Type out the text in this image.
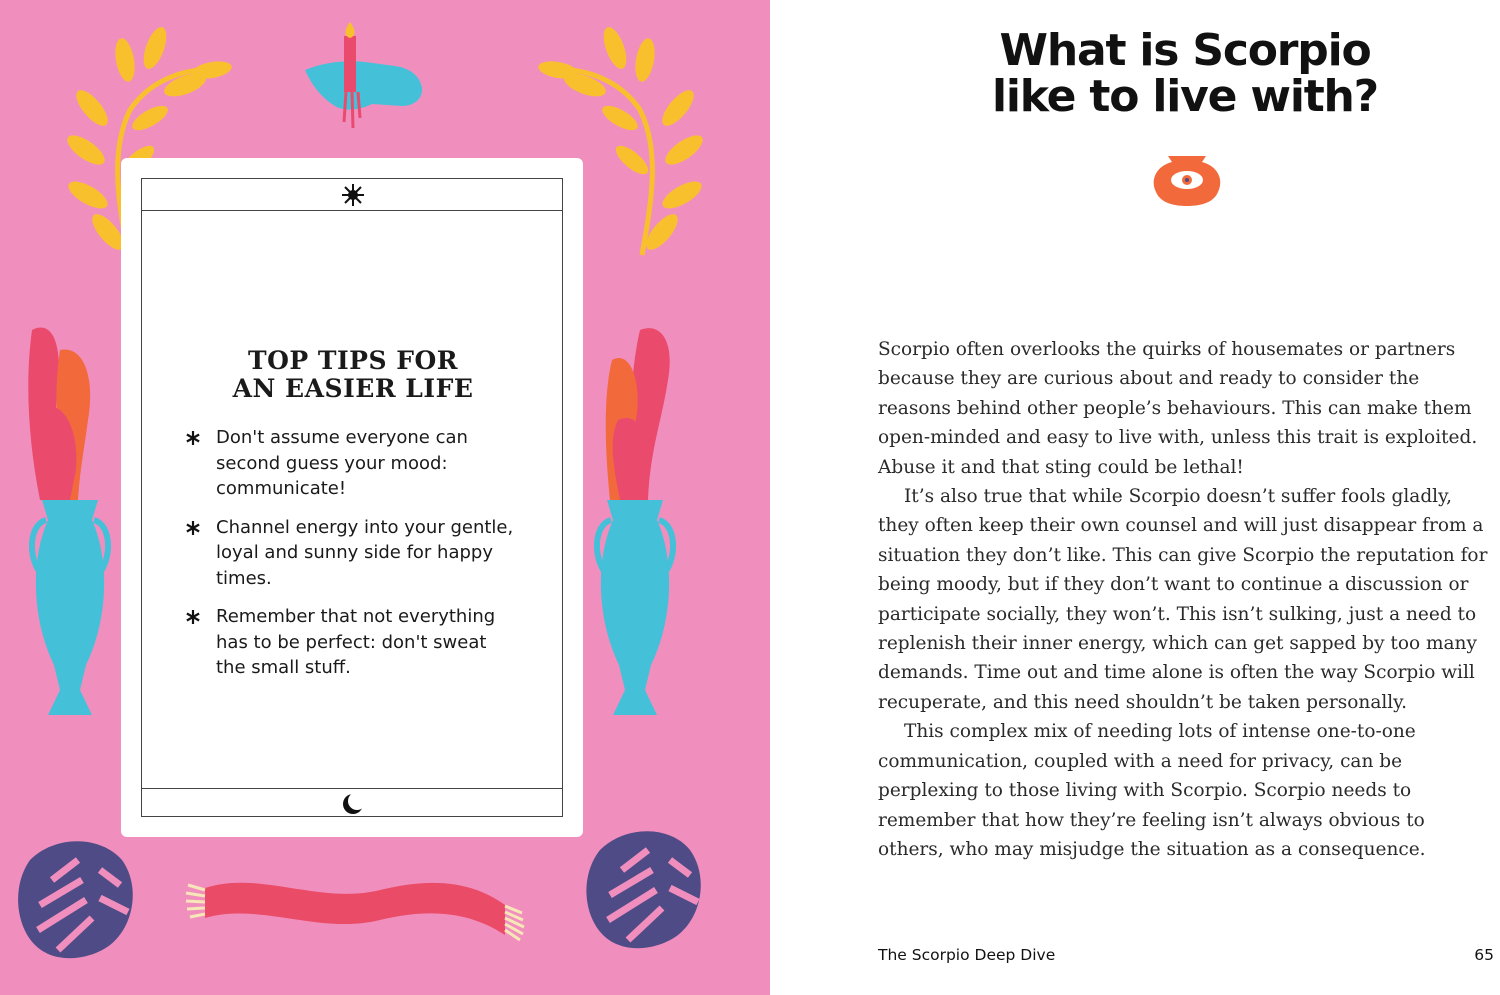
TOP TIPS FOR
AN EASIER LIFE
Don't assume everyone can second guess your mood: communicate!
Channel energy into your gentle, loyal and sunny side for happy times.
Remember that not everything has to be perfect: don't sweat the small stuff.
What is Scorpio
like to live with?

Scorpio often overlooks the quirks of housemates or partners because they are curious about and ready to consider the reasons behind other people’s behaviours. This can make them open-minded and easy to live with, unless this trait is exploited. Abuse it and that sting could be lethal!

It’s also true that while Scorpio doesn’t suffer fools gladly, they often keep their own counsel and will just disappear from a situation they don’t like. This can give Scorpio the reputation for being moody, but if they don’t want to continue a discussion or participate socially, they won’t. This isn’t sulking, just a need to replenish their inner energy, which can get sapped by too many demands. Time out and time alone is often the way Scorpio will recuperate, and this need shouldn’t be taken personally.

This complex mix of needing lots of intense one-to-one communication, coupled with a need for privacy, can be perplexing to those living with Scorpio. Scorpio needs to remember that how they’re feeling isn’t always obvious to others, who may misjudge the situation as a consequence.

The Scorpio Deep Dive	65
